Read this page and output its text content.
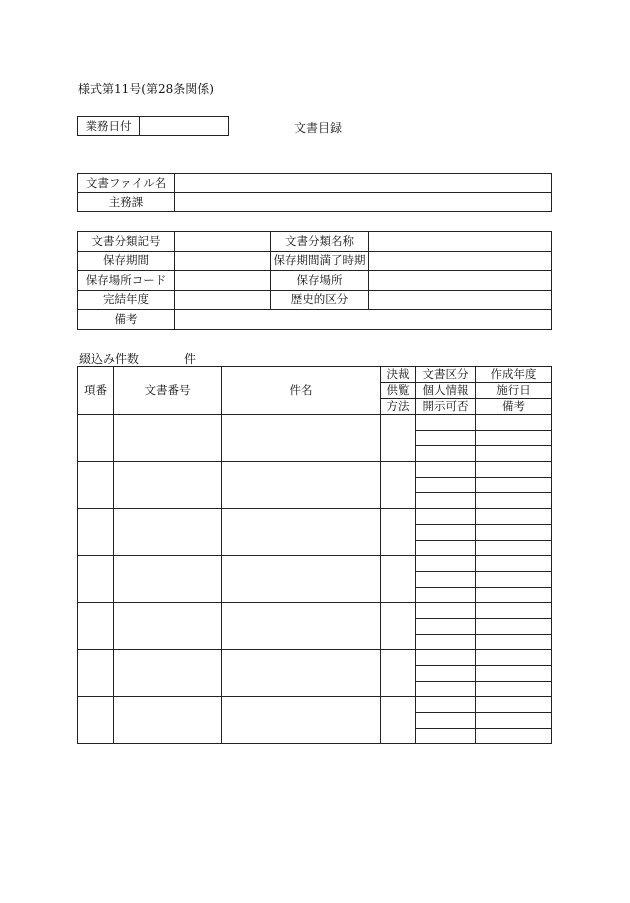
様式第11号(第28条関係)
業務日付		文書目録
文書ファイル名	
主務課	
文書分類記号		文書分類名称	
保存期間		保存期間満了時期	
保存場所コード		保存場所	
完結年度		歴史的区分	
備考			
綴込み件数	件
項番	文書番号	件名	決裁	文書区分	作成年度
			供覧	個人情報	施行日
			方法	開示可否	備考
